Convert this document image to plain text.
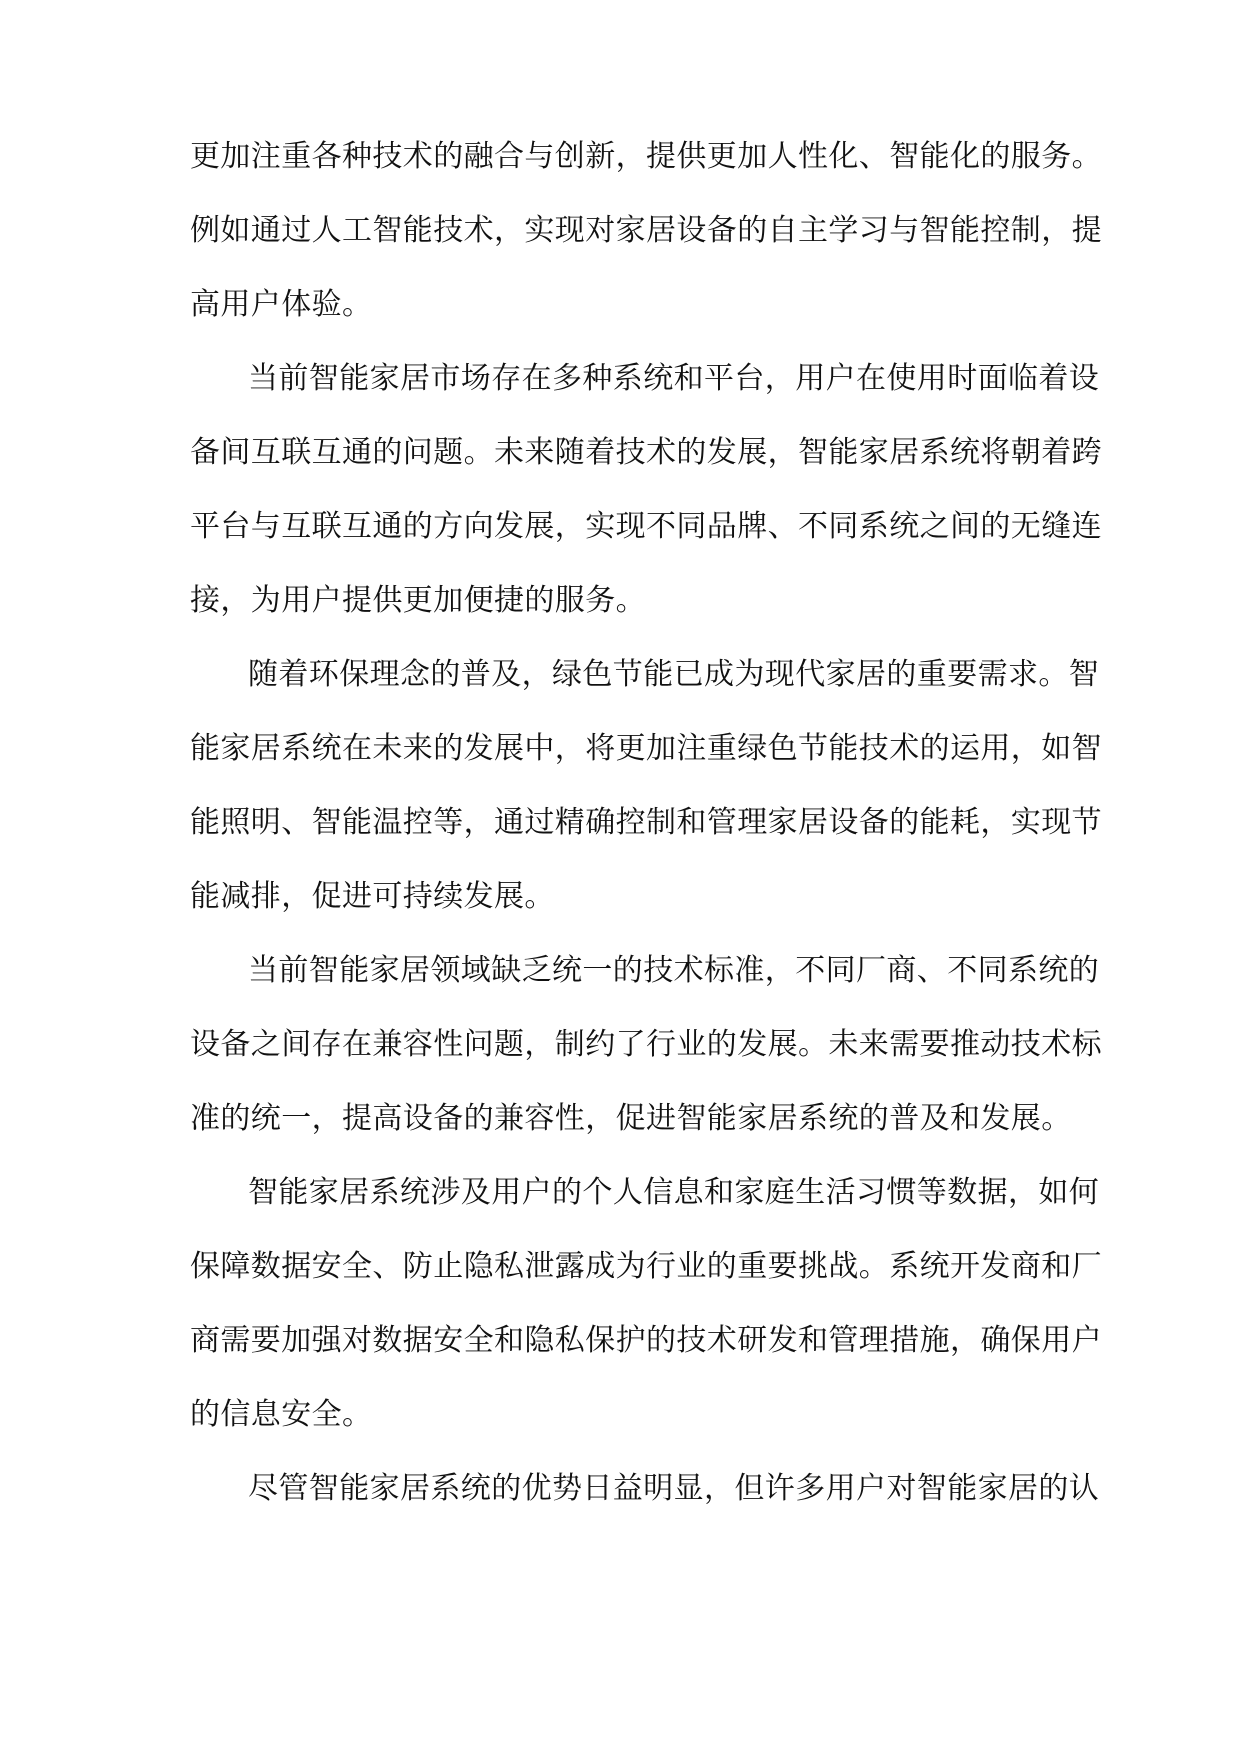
更加注重各种技术的融合与创新，提供更加人性化、智能化的服务。
例如通过人工智能技术，实现对家居设备的自主学习与智能控制，提
高用户体验。
当前智能家居市场存在多种系统和平台，用户在使用时面临着设
备间互联互通的问题。未来随着技术的发展，智能家居系统将朝着跨
平台与互联互通的方向发展，实现不同品牌、不同系统之间的无缝连
接，为用户提供更加便捷的服务。
随着环保理念的普及，绿色节能已成为现代家居的重要需求。智
能家居系统在未来的发展中，将更加注重绿色节能技术的运用，如智
能照明、智能温控等，通过精确控制和管理家居设备的能耗，实现节
能减排，促进可持续发展。
当前智能家居领域缺乏统一的技术标准，不同厂商、不同系统的
设备之间存在兼容性问题，制约了行业的发展。未来需要推动技术标
准的统一，提高设备的兼容性，促进智能家居系统的普及和发展。
智能家居系统涉及用户的个人信息和家庭生活习惯等数据，如何
保障数据安全、防止隐私泄露成为行业的重要挑战。系统开发商和厂
商需要加强对数据安全和隐私保护的技术研发和管理措施，确保用户
的信息安全。
尽管智能家居系统的优势日益明显，但许多用户对智能家居的认
